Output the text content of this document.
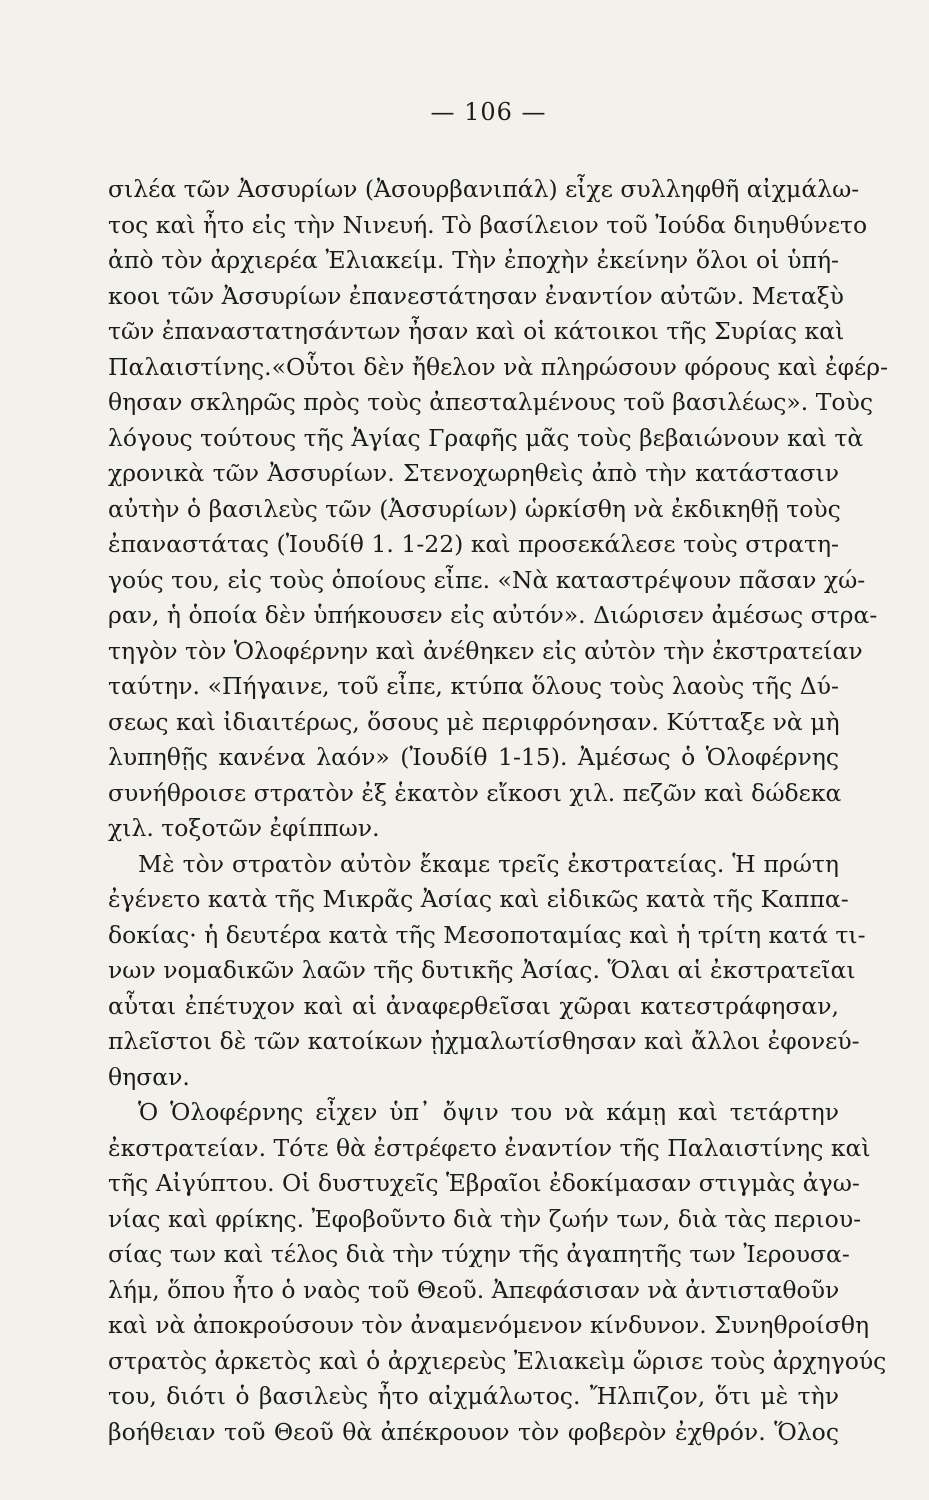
— 106 —
σιλέα τῶν Ἀσσυρίων (Ἀσουρβανιπάλ) εἶχε συλληφθῆ αἰχμάλω-
τος καὶ ἦτο εἰς τὴν Νινευή. Τὸ βασίλειον τοῦ Ἰούδα διηυθύνετο
ἀπὸ τὸν ἀρχιερέα Ἐλιακείμ. Τὴν ἐποχὴν ἐκείνην ὅλοι οἱ ὑπή-
κοοι τῶν Ἀσσυρίων ἐπανεστάτησαν ἐναντίον αὐτῶν. Μεταξὺ
τῶν ἐπαναστατησάντων ἦσαν καὶ οἱ κάτοικοι τῆς Συρίας καὶ
Παλαιστίνης.«Οὗτοι δὲν ἤθελον νὰ πληρώσουν φόρους καὶ ἐφέρ-
θησαν σκληρῶς πρὸς τοὺς ἀπεσταλμένους τοῦ βασιλέως». Τοὺς
λόγους τούτους τῆς Ἁγίας Γραφῆς μᾶς τοὺς βεβαιώνουν καὶ τὰ
χρονικὰ τῶν Ἀσσυρίων. Στενοχωρηθεὶς ἀπὸ τὴν κατάστασιν
αὐτὴν ὁ βασιλεὺς τῶν (Ἀσσυρίων) ὡρκίσθη νὰ ἐκδικηθῇ τοὺς
ἐπαναστάτας (Ἰουδίθ 1. 1-22) καὶ προσεκάλεσε τοὺς στρατη-
γούς του, εἰς τοὺς ὁποίους εἶπε. «Νὰ καταστρέψουν πᾶσαν χώ-
ραν, ἡ ὁποία δὲν ὑπήκουσεν εἰς αὐτόν». Διώρισεν ἀμέσως στρα-
τηγὸν τὸν Ὁλοφέρνην καὶ ἀνέθηκεν εἰς αὐτὸν τὴν ἐκστρατείαν
ταύτην. «Πήγαινε, τοῦ εἶπε, κτύπα ὅλους τοὺς λαοὺς τῆς Δύ-
σεως καὶ ἰδιαιτέρως, ὅσους μὲ περιφρόνησαν. Κύτταξε νὰ μὴ
λυπηθῇς κανένα λαόν» (Ἰουδίθ 1-15). Ἀμέσως ὁ Ὁλοφέρνης
συνήθροισε στρατὸν ἐξ ἑκατὸν εἴκοσι χιλ. πεζῶν καὶ δώδεκα
χιλ. τοξοτῶν ἐφίππων.
Μὲ τὸν στρατὸν αὐτὸν ἔκαμε τρεῖς ἐκστρατείας. Ἡ πρώτη
ἐγένετο κατὰ τῆς Μικρᾶς Ἀσίας καὶ εἰδικῶς κατὰ τῆς Καππα-
δοκίας· ἡ δευτέρα κατὰ τῆς Μεσοποταμίας καὶ ἡ τρίτη κατά τι-
νων νομαδικῶν λαῶν τῆς δυτικῆς Ἀσίας. Ὅλαι αἱ ἐκστρατεῖαι
αὗται ἐπέτυχον καὶ αἱ ἀναφερθεῖσαι χῶραι κατεστράφησαν,
πλεῖστοι δὲ τῶν κατοίκων ᾐχμαλωτίσθησαν καὶ ἄλλοι ἐφονεύ-
θησαν.
Ὁ Ὁλοφέρνης εἶχεν ὑπ᾽ ὄψιν του νὰ κάμῃ καὶ τετάρτην
ἐκστρατείαν. Τότε θὰ ἐστρέφετο ἐναντίον τῆς Παλαιστίνης καὶ
τῆς Αἰγύπτου. Οἱ δυστυχεῖς Ἑβραῖοι ἐδοκίμασαν στιγμὰς ἀγω-
νίας καὶ φρίκης. Ἐφοβοῦντο διὰ τὴν ζωήν των, διὰ τὰς περιου-
σίας των καὶ τέλος διὰ τὴν τύχην τῆς ἀγαπητῆς των Ἰερουσα-
λήμ, ὅπου ἦτο ὁ ναὸς τοῦ Θεοῦ. Ἀπεφάσισαν νὰ ἀντισταθοῦν
καὶ νὰ ἀποκρούσουν τὸν ἀναμενόμενον κίνδυνον. Συνηθροίσθη
στρατὸς ἀρκετὸς καὶ ὁ ἀρχιερεὺς Ἐλιακεὶμ ὥρισε τοὺς ἀρχηγούς
του, διότι ὁ βασιλεὺς ἦτο αἰχμάλωτος. Ἤλπιζον, ὅτι μὲ τὴν
βοήθειαν τοῦ Θεοῦ θὰ ἀπέκρουον τὸν φοβερὸν ἐχθρόν. Ὅλος
